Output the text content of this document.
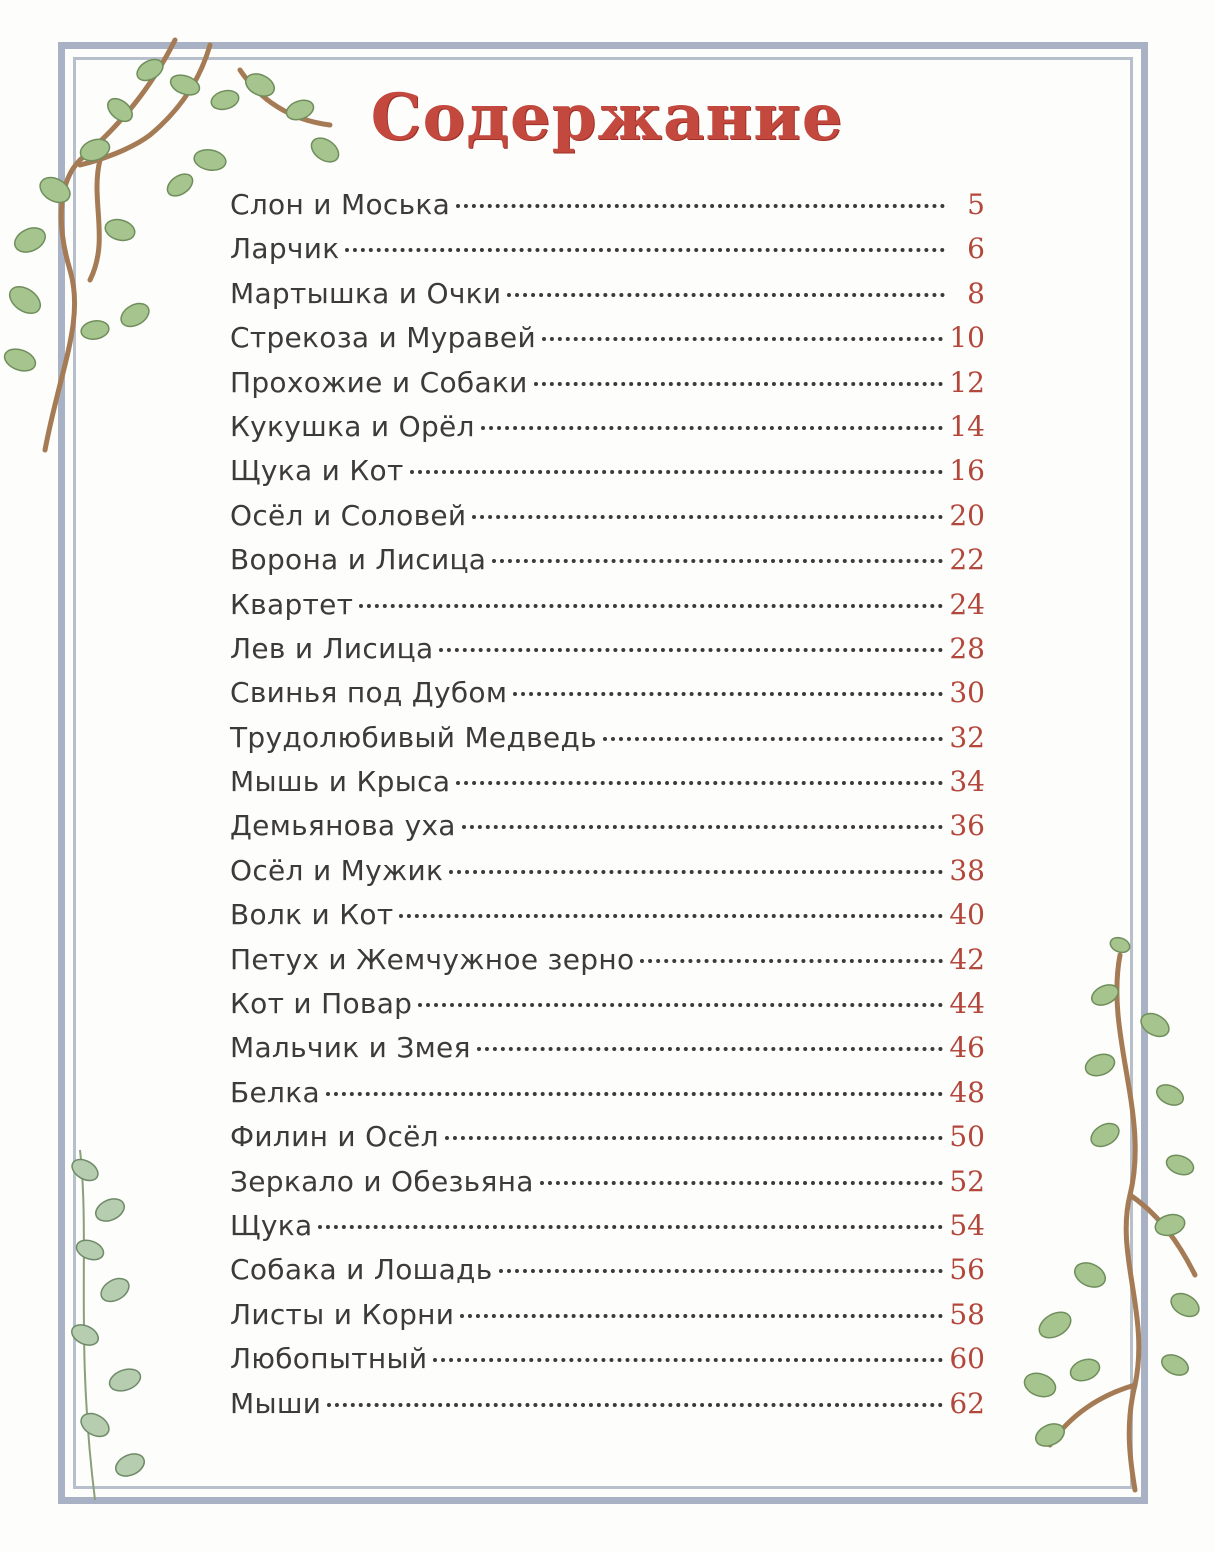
Содержание
Слон и Моська	5
Ларчик	6
Мартышка и Очки	8
Стрекоза и Муравей	10
Прохожие и Собаки	12
Кукушка и Орёл	14
Щука и Кот	16
Осёл и Соловей	20
Ворона и Лисица	22
Квартет	24
Лев и Лисица	28
Свинья под Дубом	30
Трудолюбивый Медведь	32
Мышь и Крыса	34
Демьянова уха	36
Осёл и Мужик	38
Волк и Кот	40
Петух и Жемчужное зерно	42
Кот и Повар	44
Мальчик и Змея	46
Белка	48
Филин и Осёл	50
Зеркало и Обезьяна	52
Щука	54
Собака и Лошадь	56
Листы и Корни	58
Любопытный	60
Мыши	62
